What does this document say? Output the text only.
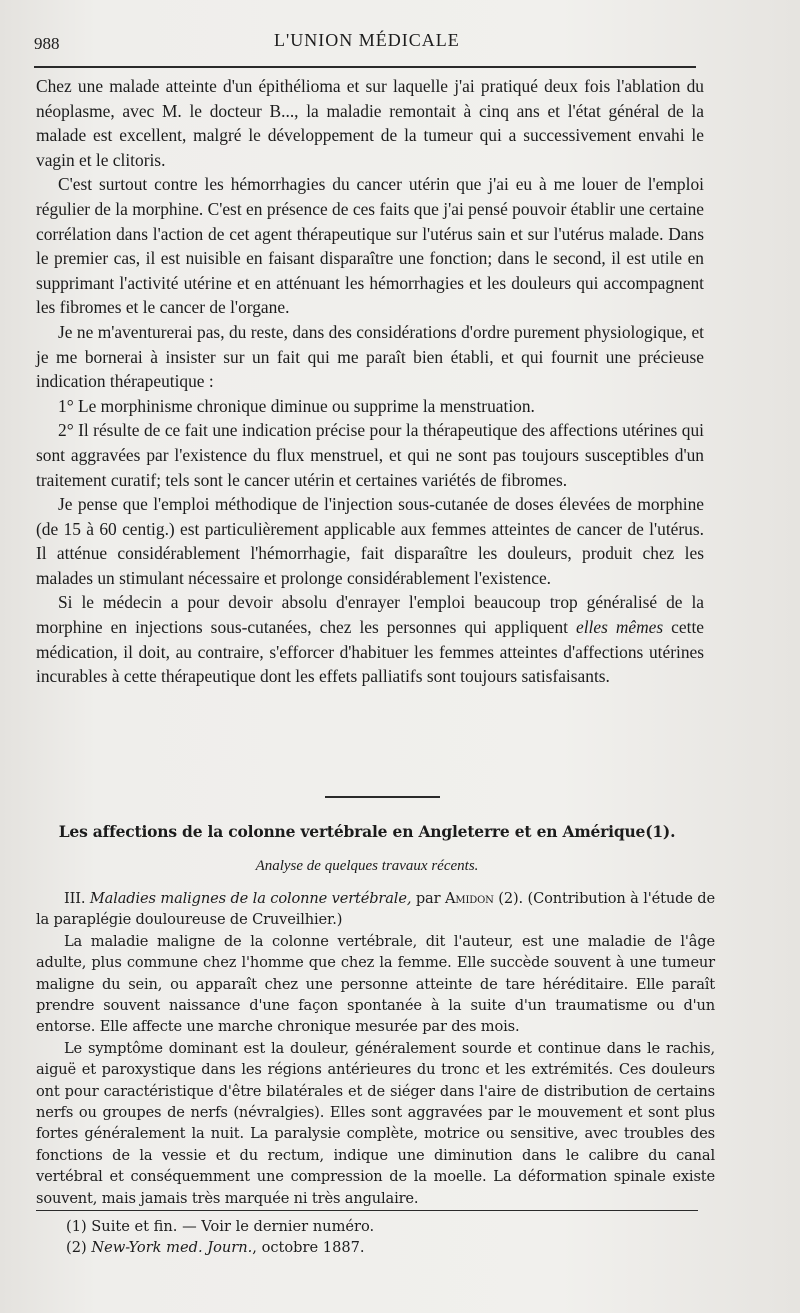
988	L'UNION MÉDICALE

Chez une malade atteinte d'un épithélioma et sur laquelle j'ai pratiqué deux fois l'ablation du néoplasme, avec M. le docteur B..., la maladie remontait à cinq ans et l'état général de la malade est excellent, malgré le développement de la tumeur qui a successivement envahi le vagin et le clitoris.

C'est surtout contre les hémorrhagies du cancer utérin que j'ai eu à me louer de l'emploi régulier de la morphine. C'est en présence de ces faits que j'ai pensé pouvoir établir une certaine corrélation dans l'action de cet agent thérapeutique sur l'utérus sain et sur l'utérus malade. Dans le premier cas, il est nuisible en faisant disparaître une fonction; dans le second, il est utile en supprimant l'activité utérine et en atténuant les hémorrhagies et les douleurs qui accompagnent les fibromes et le cancer de l'organe.

Je ne m'aventurerai pas, du reste, dans des considérations d'ordre purement physiologique, et je me bornerai à insister sur un fait qui me paraît bien établi, et qui fournit une précieuse indication thérapeutique :

1° Le morphinisme chronique diminue ou supprime la menstruation.

2° Il résulte de ce fait une indication précise pour la thérapeutique des affections utérines qui sont aggravées par l'existence du flux menstruel, et qui ne sont pas toujours susceptibles d'un traitement curatif; tels sont le cancer utérin et certaines variétés de fibromes.

Je pense que l'emploi méthodique de l'injection sous-cutanée de doses élevées de morphine (de 15 à 60 centig.) est particulièrement applicable aux femmes atteintes de cancer de l'utérus. Il atténue considérablement l'hémorrhagie, fait disparaître les douleurs, produit chez les malades un stimulant nécessaire et prolonge considérablement l'existence.

Si le médecin a pour devoir absolu d'enrayer l'emploi beaucoup trop généralisé de la morphine en injections sous-cutanées, chez les personnes qui appliquent elles mêmes cette médication, il doit, au contraire, s'efforcer d'habituer les femmes atteintes d'affections utérines incurables à cette thérapeutique dont les effets palliatifs sont toujours satisfaisants.

Les affections de la colonne vertébrale en Angleterre et en Amérique(1).
Analyse de quelques travaux récents.

III. Maladies malignes de la colonne vertébrale, par Amidon (2). (Contribution à l'étude de la paraplégie douloureuse de Cruveilhier.)

La maladie maligne de la colonne vertébrale, dit l'auteur, est une maladie de l'âge adulte, plus commune chez l'homme que chez la femme. Elle succède souvent à une tumeur maligne du sein, ou apparaît chez une personne atteinte de tare héréditaire. Elle paraît prendre souvent naissance d'une façon spontanée à la suite d'un traumatisme ou d'un entorse. Elle affecte une marche chronique mesurée par des mois.

Le symptôme dominant est la douleur, généralement sourde et continue dans le rachis, aiguë et paroxystique dans les régions antérieures du tronc et les extrémités. Ces douleurs ont pour caractéristique d'être bilatérales et de siéger dans l'aire de distribution de certains nerfs ou groupes de nerfs (névralgies). Elles sont aggravées par le mouvement et sont plus fortes généralement la nuit. La paralysie complète, motrice ou sensitive, avec troubles des fonctions de la vessie et du rectum, indique une diminution dans le calibre du canal vertébral et conséquemment une compression de la moelle. La déformation spinale existe souvent, mais jamais très marquée ni très angulaire.

(1) Suite et fin. — Voir le dernier numéro.

(2) New-York med. Journ., octobre 1887.
